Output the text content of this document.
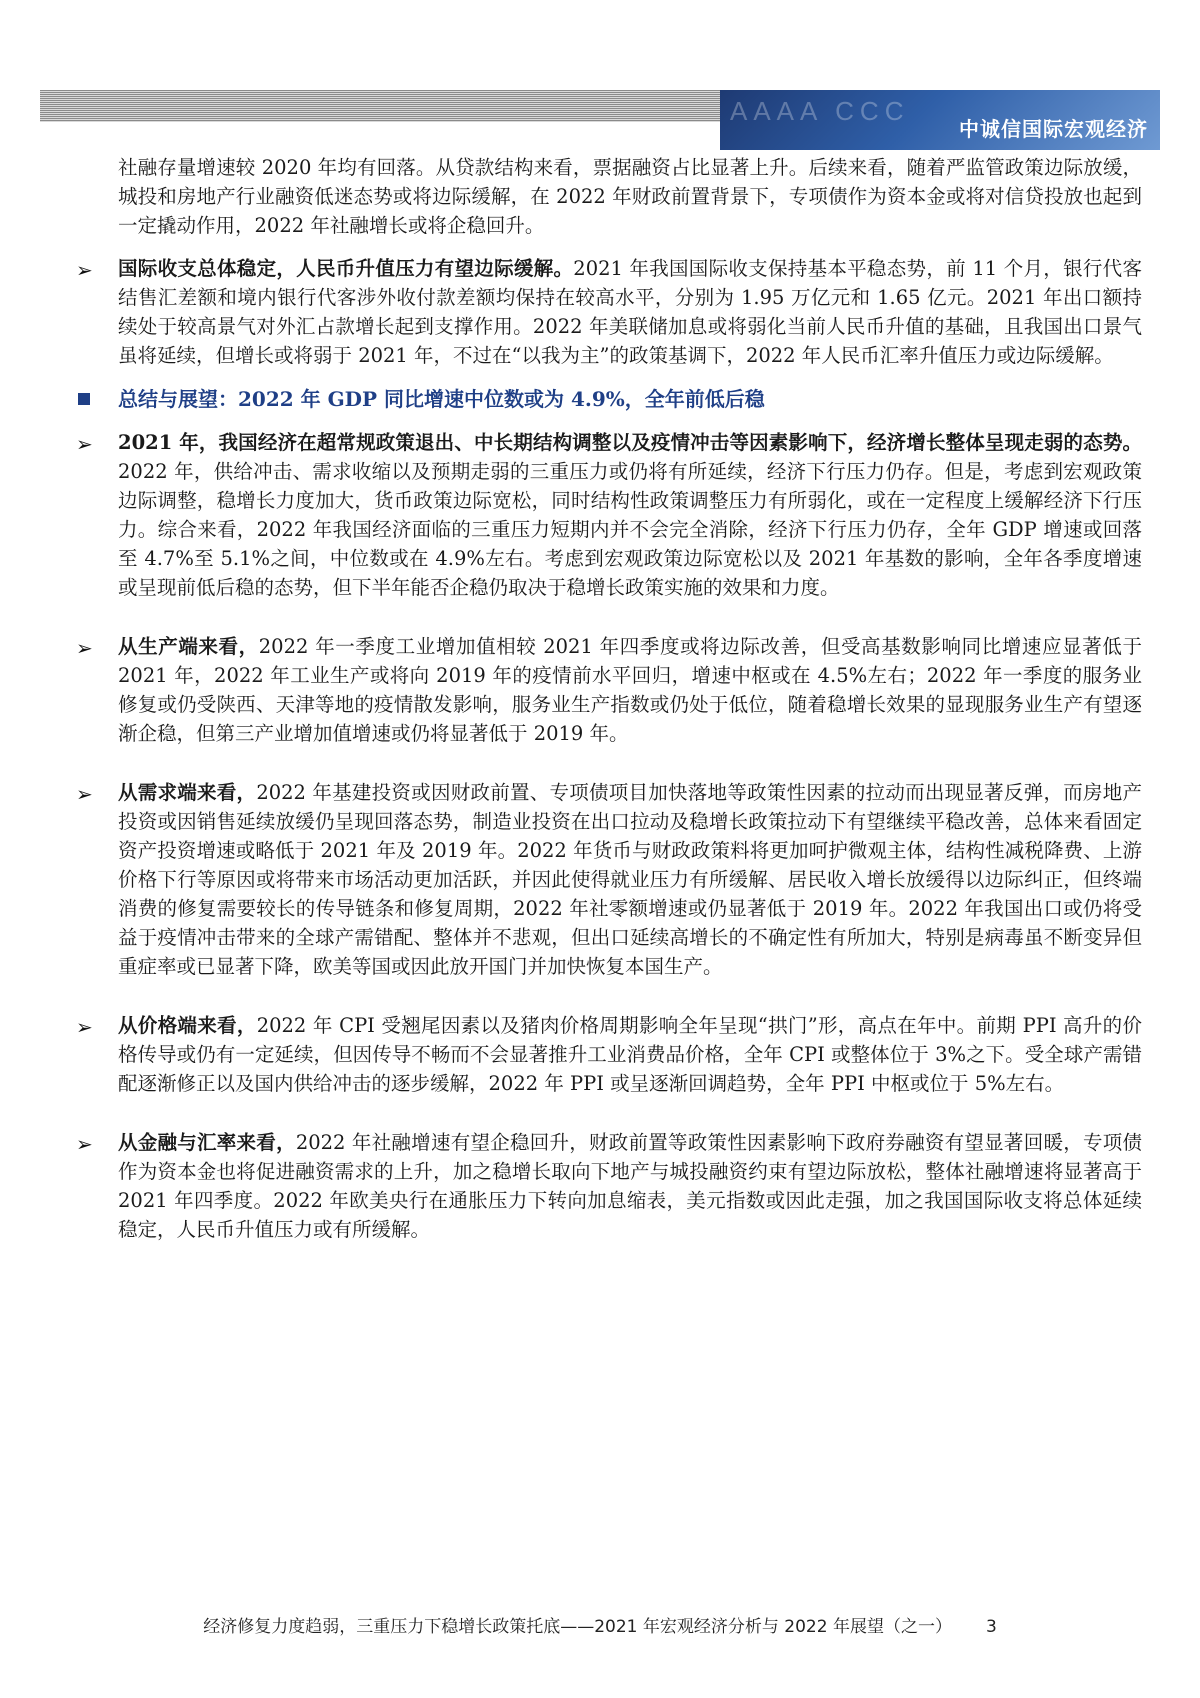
AAAA CCC
中诚信国际宏观经济

社融存量增速较 2020 年均有回落。从贷款结构来看，票据融资占比显著上升。后续来看，随着严监管政策边际放缓，城投和房地产行业融资低迷态势或将边际缓解，在 2022 年财政前置背景下，专项债作为资本金或将对信贷投放也起到一定撬动作用，2022 年社融增长或将企稳回升。

➢ 国际收支总体稳定，人民币升值压力有望边际缓解。2021 年我国国际收支保持基本平稳态势，前 11 个月，银行代客结售汇差额和境内银行代客涉外收付款差额均保持在较高水平，分别为 1.95 万亿元和 1.65 亿元。2021 年出口额持续处于较高景气对外汇占款增长起到支撑作用。2022 年美联储加息或将弱化当前人民币升值的基础，且我国出口景气虽将延续，但增长或将弱于 2021 年，不过在“以我为主”的政策基调下，2022 年人民币汇率升值压力或边际缓解。

总结与展望：2022 年 GDP 同比增速中位数或为 4.9%，全年前低后稳

➢ 2021 年，我国经济在超常规政策退出、中长期结构调整以及疫情冲击等因素影响下，经济增长整体呈现走弱的态势。2022 年，供给冲击、需求收缩以及预期走弱的三重压力或仍将有所延续，经济下行压力仍存。但是，考虑到宏观政策边际调整，稳增长力度加大，货币政策边际宽松，同时结构性政策调整压力有所弱化，或在一定程度上缓解经济下行压力。综合来看，2022 年我国经济面临的三重压力短期内并不会完全消除，经济下行压力仍存，全年 GDP 增速或回落至 4.7%至 5.1%之间，中位数或在 4.9%左右。考虑到宏观政策边际宽松以及 2021 年基数的影响，全年各季度增速或呈现前低后稳的态势，但下半年能否企稳仍取决于稳增长政策实施的效果和力度。

➢ 从生产端来看，2022 年一季度工业增加值相较 2021 年四季度或将边际改善，但受高基数影响同比增速应显著低于 2021 年，2022 年工业生产或将向 2019 年的疫情前水平回归，增速中枢或在 4.5%左右；2022 年一季度的服务业修复或仍受陕西、天津等地的疫情散发影响，服务业生产指数或仍处于低位，随着稳增长效果的显现服务业生产有望逐渐企稳，但第三产业增加值增速或仍将显著低于 2019 年。

➢ 从需求端来看，2022 年基建投资或因财政前置、专项债项目加快落地等政策性因素的拉动而出现显著反弹，而房地产投资或因销售延续放缓仍呈现回落态势，制造业投资在出口拉动及稳增长政策拉动下有望继续平稳改善，总体来看固定资产投资增速或略低于 2021 年及 2019 年。2022 年货币与财政政策料将更加呵护微观主体，结构性减税降费、上游价格下行等原因或将带来市场活动更加活跃，并因此使得就业压力有所缓解、居民收入增长放缓得以边际纠正，但终端消费的修复需要较长的传导链条和修复周期，2022 年社零额增速或仍显著低于 2019 年。2022 年我国出口或仍将受益于疫情冲击带来的全球产需错配、整体并不悲观，但出口延续高增长的不确定性有所加大，特别是病毒虽不断变异但重症率或已显著下降，欧美等国或因此放开国门并加快恢复本国生产。

➢ 从价格端来看，2022 年 CPI 受翘尾因素以及猪肉价格周期影响全年呈现“拱门”形，高点在年中。前期 PPI 高升的价格传导或仍有一定延续，但因传导不畅而不会显著推升工业消费品价格，全年 CPI 或整体位于 3%之下。受全球产需错配逐渐修正以及国内供给冲击的逐步缓解，2022 年 PPI 或呈逐渐回调趋势，全年 PPI 中枢或位于 5%左右。

➢ 从金融与汇率来看，2022 年社融增速有望企稳回升，财政前置等政策性因素影响下政府券融资有望显著回暖，专项债作为资本金也将促进融资需求的上升，加之稳增长取向下地产与城投融资约束有望边际放松，整体社融增速将显著高于 2021 年四季度。2022 年欧美央行在通胀压力下转向加息缩表，美元指数或因此走强，加之我国国际收支将总体延续稳定，人民币升值压力或有所缓解。

经济修复力度趋弱，三重压力下稳增长政策托底——2021 年宏观经济分析与 2022 年展望（之一） 3
